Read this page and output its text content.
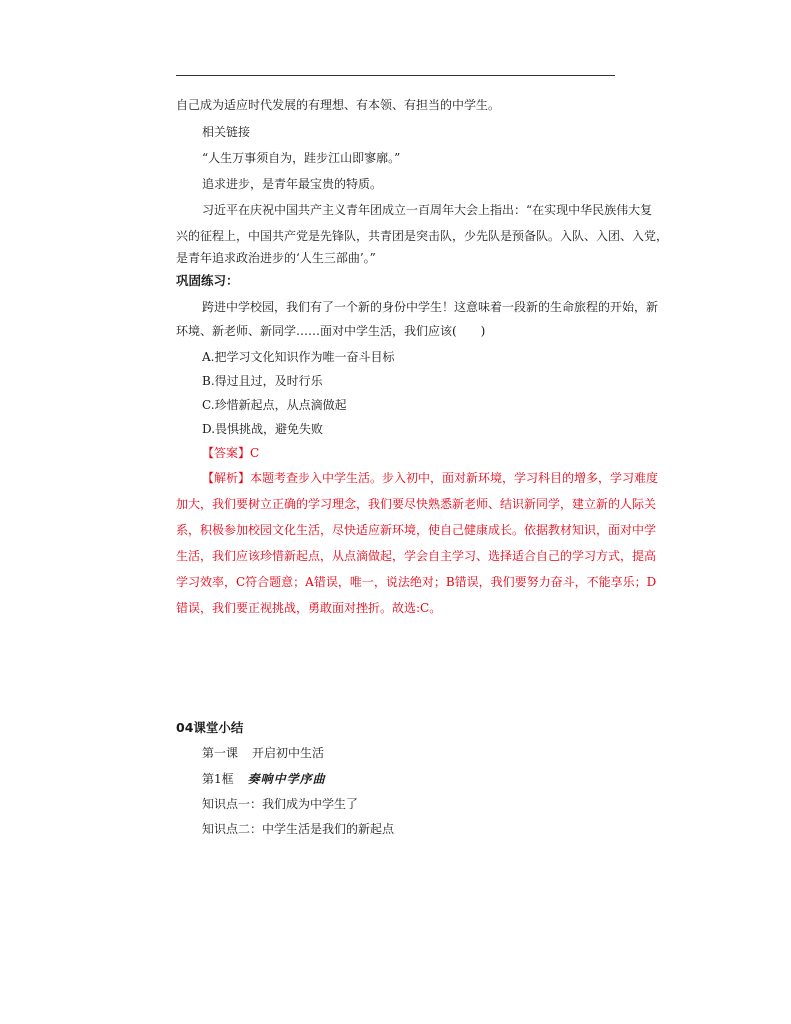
自己成为适应时代发展的有理想、有本领、有担当的中学生。
相关链接
“人生万事须自为，跬步江山即寥廓。”
追求进步，是青年最宝贵的特质。
习近平在庆祝中国共产主义青年团成立一百周年大会上指出：“在实现中华民族伟大复
兴的征程上，中国共产党是先锋队，共青团是突击队，少先队是预备队。入队、入团、入党，
是青年追求政治进步的‘人生三部曲’。”
巩固练习：
跨进中学校园，我们有了一个新的身份中学生！这意味着一段新的生命旅程的开始，新
环境、新老师、新同学……面对中学生活，我们应该(　　)
A.把学习文化知识作为唯一奋斗目标
B.得过且过，及时行乐
C.珍惜新起点，从点滴做起
D.畏惧挑战，避免失败
【答案】C
【解析】本题考查步入中学生活。步入初中，面对新环境，学习科目的增多，学习难度
加大，我们要树立正确的学习理念，我们要尽快熟悉新老师、结识新同学，建立新的人际关
系，积极参加校园文化生活，尽快适应新环境，使自己健康成长。依据教材知识，面对中学
生活，我们应该珍惜新起点，从点滴做起，学会自主学习、选择适合自己的学习方式，提高
学习效率，C符合题意；A错误，唯一，说法绝对；B错误，我们要努力奋斗，不能享乐；D
错误，我们要正视挑战，勇敢面对挫折。故选:C。
04课堂小结
第一课 开启初中生活
第1框 奏响中学序曲
知识点一：我们成为中学生了
知识点二：中学生活是我们的新起点
